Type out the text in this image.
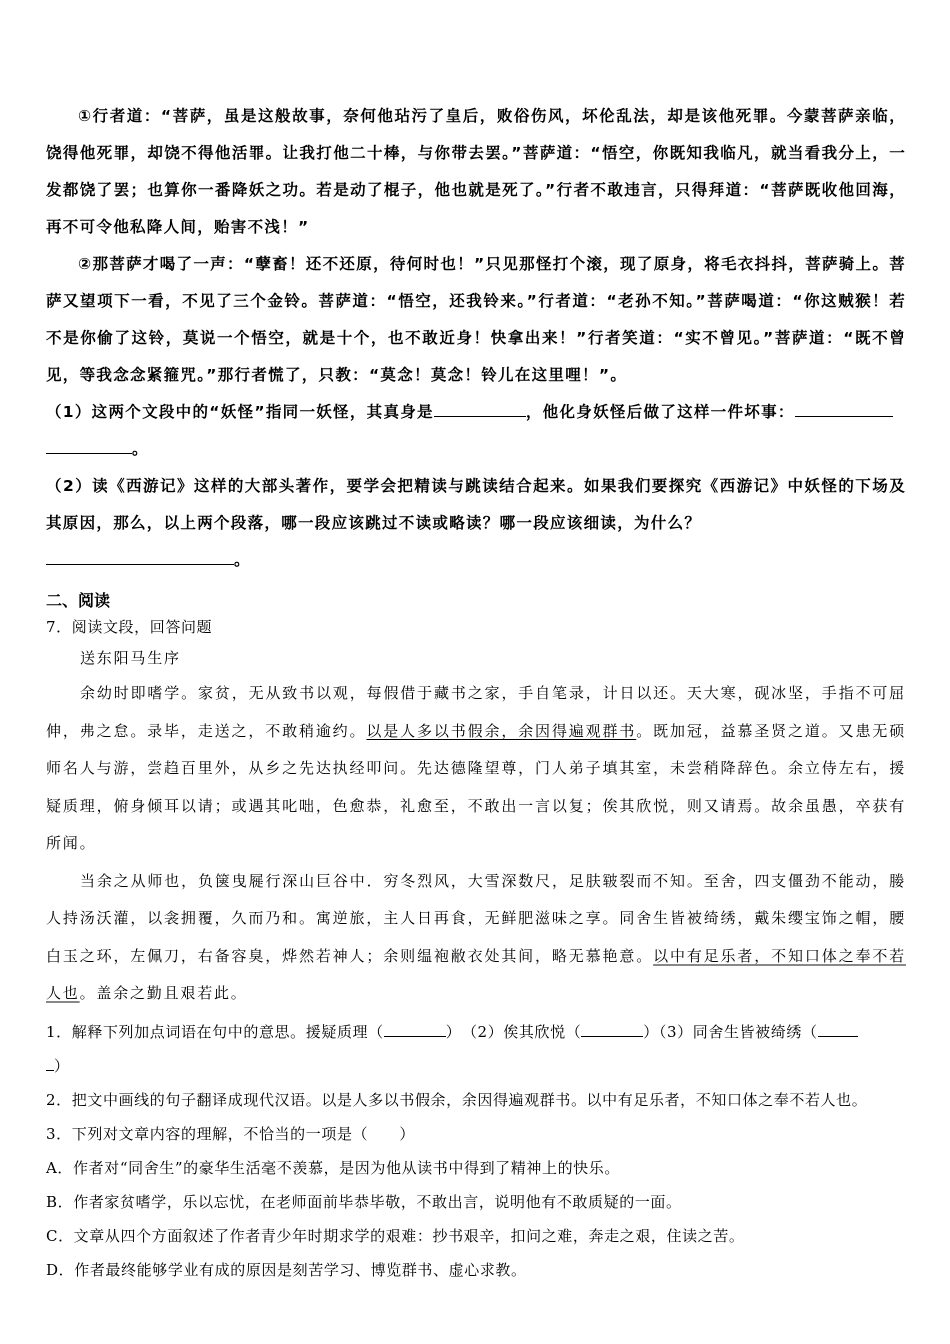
①行者道：“菩萨，虽是这般故事，奈何他玷污了皇后，败俗伤风，坏伦乱法，却是该他死罪。今蒙菩萨亲临，饶得他死罪，却饶不得他活罪。让我打他二十棒，与你带去罢。”菩萨道：“悟空，你既知我临凡，就当看我分上，一发都饶了罢；也算你一番降妖之功。若是动了棍子，他也就是死了。”行者不敢违言，只得拜道：“菩萨既收他回海，再不可令他私降人间，贻害不浅！”

②那菩萨才喝了一声：“孽畜！还不还原，待何时也！”只见那怪打个滚，现了原身，将毛衣抖抖，菩萨骑上。菩萨又望项下一看，不见了三个金铃。菩萨道：“悟空，还我铃来。”行者道：“老孙不知。”菩萨喝道：“你这贼猴！若不是你偷了这铃，莫说一个悟空，就是十个，也不敢近身！快拿出来！”行者笑道：“实不曾见。”菩萨道：“既不曾见，等我念念紧箍咒。”那行者慌了，只教：“莫念！莫念！铃儿在这里哩！”。

（1）这两个文段中的“妖怪”指同一妖怪，其真身是	，他化身妖怪后做了这样一件坏事：
。

（2）读《西游记》这样的大部头著作，要学会把精读与跳读结合起来。如果我们要探究《西游记》中妖怪的下场及其原因，那么，以上两个段落，哪一段应该跳过不读或略读？哪一段应该细读，为什么？
。

二、阅读

7．阅读文段，回答问题

送东阳马生序

余幼时即嗜学。家贫，无从致书以观，每假借于藏书之家，手自笔录，计日以还。天大寒，砚冰坚，手指不可屈伸，弗之怠。录毕，走送之，不敢稍逾约。以是人多以书假余，余因得遍观群书。既加冠，益慕圣贤之道。又患无硕师名人与游，尝趋百里外，从乡之先达执经叩问。先达德隆望尊，门人弟子填其室，未尝稍降辞色。余立侍左右，援疑质理，俯身倾耳以请；或遇其叱咄，色愈恭，礼愈至，不敢出一言以复；俟其欣悦，则又请焉。故余虽愚，卒获有所闻。

当余之从师也，负箧曳屣行深山巨谷中．穷冬烈风，大雪深数尺，足肤皲裂而不知。至舍，四支僵劲不能动，媵人持汤沃灌，以衾拥覆，久而乃和。寓逆旅，主人日再食，无鲜肥滋味之享。同舍生皆被绮绣，戴朱缨宝饰之帽，腰白玉之环，左佩刀，右备容臭，烨然若神人；余则缊袍敝衣处其间，略无慕艳意。以中有足乐者，不知口体之奉不若人也。盖余之勤且艰若此。

1．解释下列加点词语在句中的意思。援疑质理（	）　（2）俟其欣悦（	）（3）同舍生皆被绮绣（
）

2．把文中画线的句子翻译成现代汉语。以是人多以书假余，余因得遍观群书。以中有足乐者，不知口体之奉不若人也。

3．下列对文章内容的理解，不恰当的一项是（　　）

A．作者对“同舍生”的豪华生活毫不羡慕，是因为他从读书中得到了精神上的快乐。

B．作者家贫嗜学，乐以忘忧，在老师面前毕恭毕敬，不敢出言，说明他有不敢质疑的一面。

C．文章从四个方面叙述了作者青少年时期求学的艰难：抄书艰辛，扣问之难，奔走之艰，住读之苦。

D．作者最终能够学业有成的原因是刻苦学习、博览群书、虚心求教。
